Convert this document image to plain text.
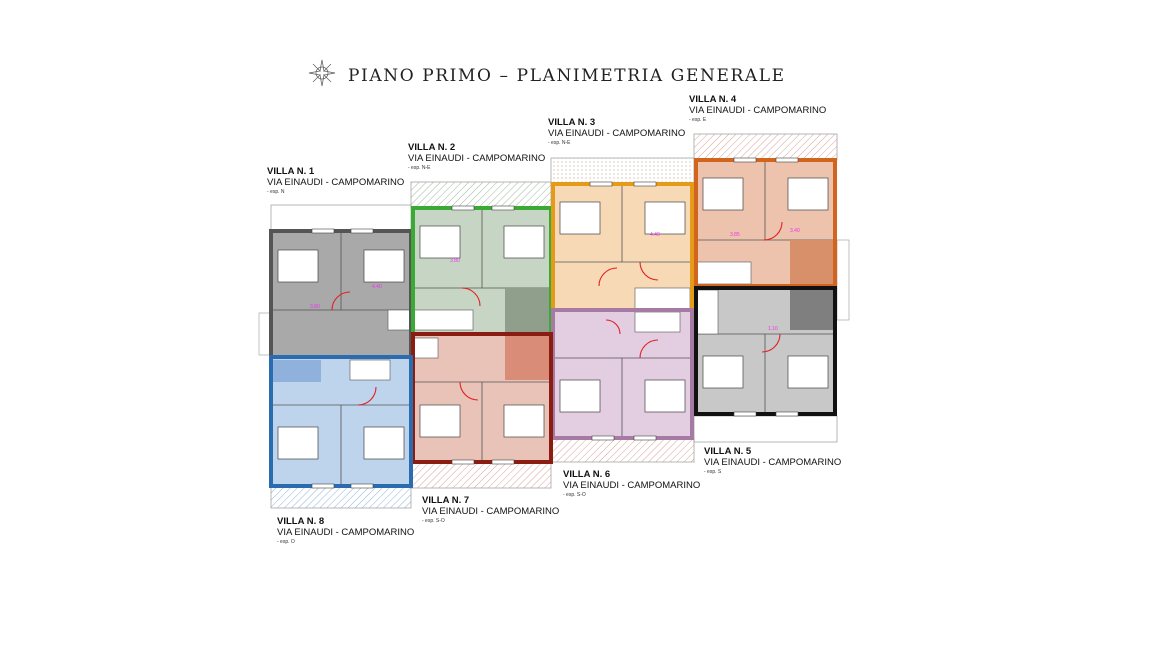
4.40
3.80
3.80
4.40	3.85
3.40
1.10
PIANO PRIMO – PLANIMETRIA GENERALE
VILLA N. 1
VIA EINAUDI - CAMPOMARINO
- esp. N
VILLA N. 2
VIA EINAUDI - CAMPOMARINO
- esp. N-E
VILLA N. 3
VIA EINAUDI - CAMPOMARINO
- esp. N-E
VILLA N. 4
VIA EINAUDI - CAMPOMARINO
- esp. E
VILLA N. 5
VIA EINAUDI - CAMPOMARINO
- esp. S
VILLA N. 6
VIA EINAUDI - CAMPOMARINO
- esp. S-O
VILLA N. 7
VIA EINAUDI - CAMPOMARINO
- esp. S-O
VILLA N. 8
VIA EINAUDI - CAMPOMARINO
- esp. O
